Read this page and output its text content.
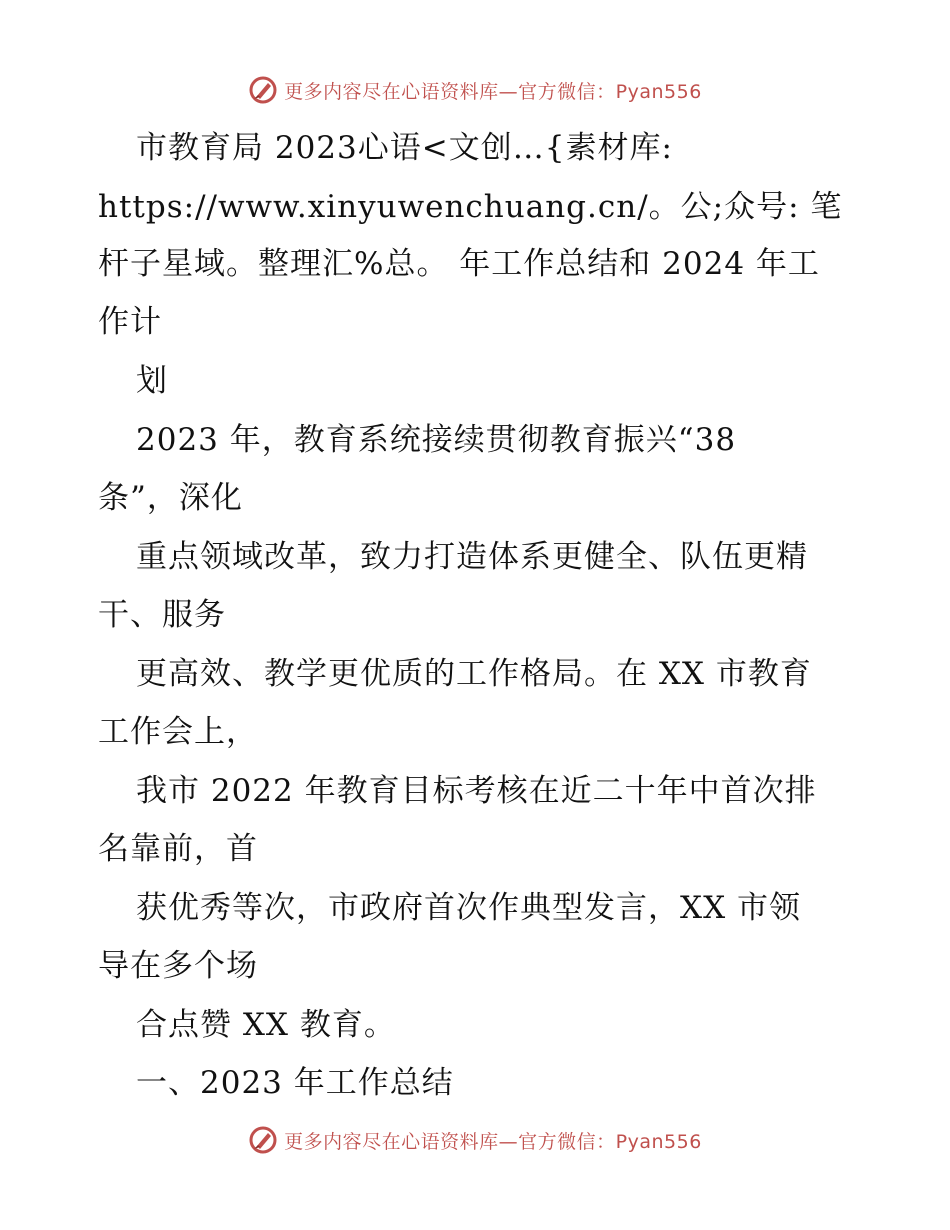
更多内容尽在心语资料库—官方微信：Pyan556
市教育局 2023心语<文创…{素材库:
https://www.xinyuwenchuang.cn/。公;众号: 笔
杆子星域。整理汇%总。 年工作总结和 2024 年工
作计
划
2023 年，教育系统接续贯彻教育振兴“38
条”，深化
重点领域改革，致力打造体系更健全、队伍更精
干、服务
更高效、教学更优质的工作格局。在 XX 市教育
工作会上，
我市 2022 年教育目标考核在近二十年中首次排
名靠前，首
获优秀等次，市政府首次作典型发言，XX 市领
导在多个场
合点赞 XX 教育。
一、2023 年工作总结
更多内容尽在心语资料库—官方微信：Pyan556
